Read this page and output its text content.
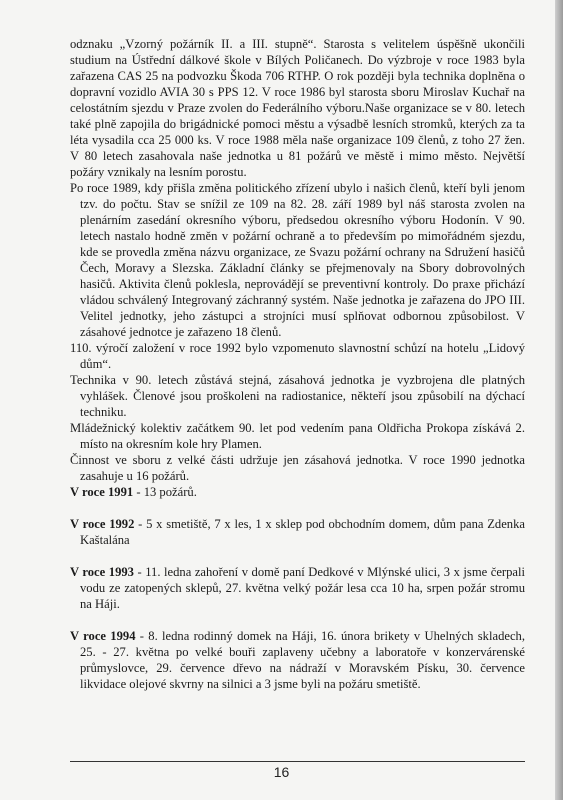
odznaku „Vzorný požárník II. a III. stupně“. Starosta s velitelem úspěšně ukončili studium na Ústřední dálkové škole v Bílých Poličanech. Do výzbroje v roce 1983 byla zařazena CAS 25 na podvozku Škoda 706 RTHP. O rok později byla technika doplněna o dopravní vozidlo AVIA 30 s PPS 12. V roce 1986 byl starosta sboru Miroslav Kuchař na celostátním sjezdu v Praze zvolen do Federálního výboru.Naše organizace se v 80. letech také plně zapojila do brigádnické pomoci městu a výsadbě lesních stromků, kterých za ta léta vysadila cca 25 000 ks. V roce 1988 měla naše organizace 109 členů, z toho 27 žen. V 80 letech zasahovala naše jednotka u 81 požárů ve městě i mimo město. Největší požáry vznikaly na lesním porostu.

Po roce 1989, kdy přišla změna politického zřízení ubylo i našich členů, kteří byli jenom tzv. do počtu. Stav se snížil ze 109 na 82. 28. září 1989 byl náš starosta zvolen na plenárním zasedání okresního výboru, předsedou okresního výboru Hodonín. V 90. letech nastalo hodně změn v požární ochraně a to především po mimořádném sjezdu, kde se provedla změna názvu organizace, ze Svazu požární ochrany na Sdružení hasičů Čech, Moravy a Slezska. Základní články se přejmenovaly na Sbory dobrovolných hasičů. Aktivita členů poklesla, neprovádějí se preventivní kontroly. Do praxe přichází vládou schválený Integrovaný záchranný systém. Naše jednotka je zařazena do JPO III. Velitel jednotky, jeho zástupci a strojníci musí splňovat odbornou způsobilost. V zásahové jednotce je zařazeno 18 členů.

110. výročí založení v roce 1992 bylo vzpomenuto slavnostní schůzí na hotelu „Lidový dům“.

Technika v 90. letech zůstává stejná, zásahová jednotka je vyzbrojena dle platných vyhlášek. Členové jsou proškoleni na radiostanice, někteří jsou způsobilí na dýchací techniku.

Mládežnický kolektiv začátkem 90. let pod vedením pana Oldřicha Prokopa získává 2. místo na okresním kole hry Plamen.

Činnost ve sboru z velké části udržuje jen zásahová jednotka. V roce 1990 jednotka zasahuje u 16 požárů.

V roce 1991 - 13 požárů.

V roce 1992 - 5 x smetiště, 7 x les, 1 x sklep pod obchodním domem, dům pana Zdenka Kaštalána

V roce 1993 - 11. ledna zahoření v domě paní Dedkové v Mlýnské ulici, 3 x jsme čerpali vodu ze zatopených sklepů, 27. května velký požár lesa cca 10 ha, srpen požár stromu na Háji.

V roce 1994 - 8. ledna rodinný domek na Háji, 16. února brikety v Uhelných skladech, 25. - 27. května po velké bouři zaplaveny učebny a laboratoře v konzervárenské průmyslovce, 29. července dřevo na nádraží v Moravském Písku, 30. července likvidace olejové skvrny na silnici a 3 jsme byli na požáru smetiště.

16
